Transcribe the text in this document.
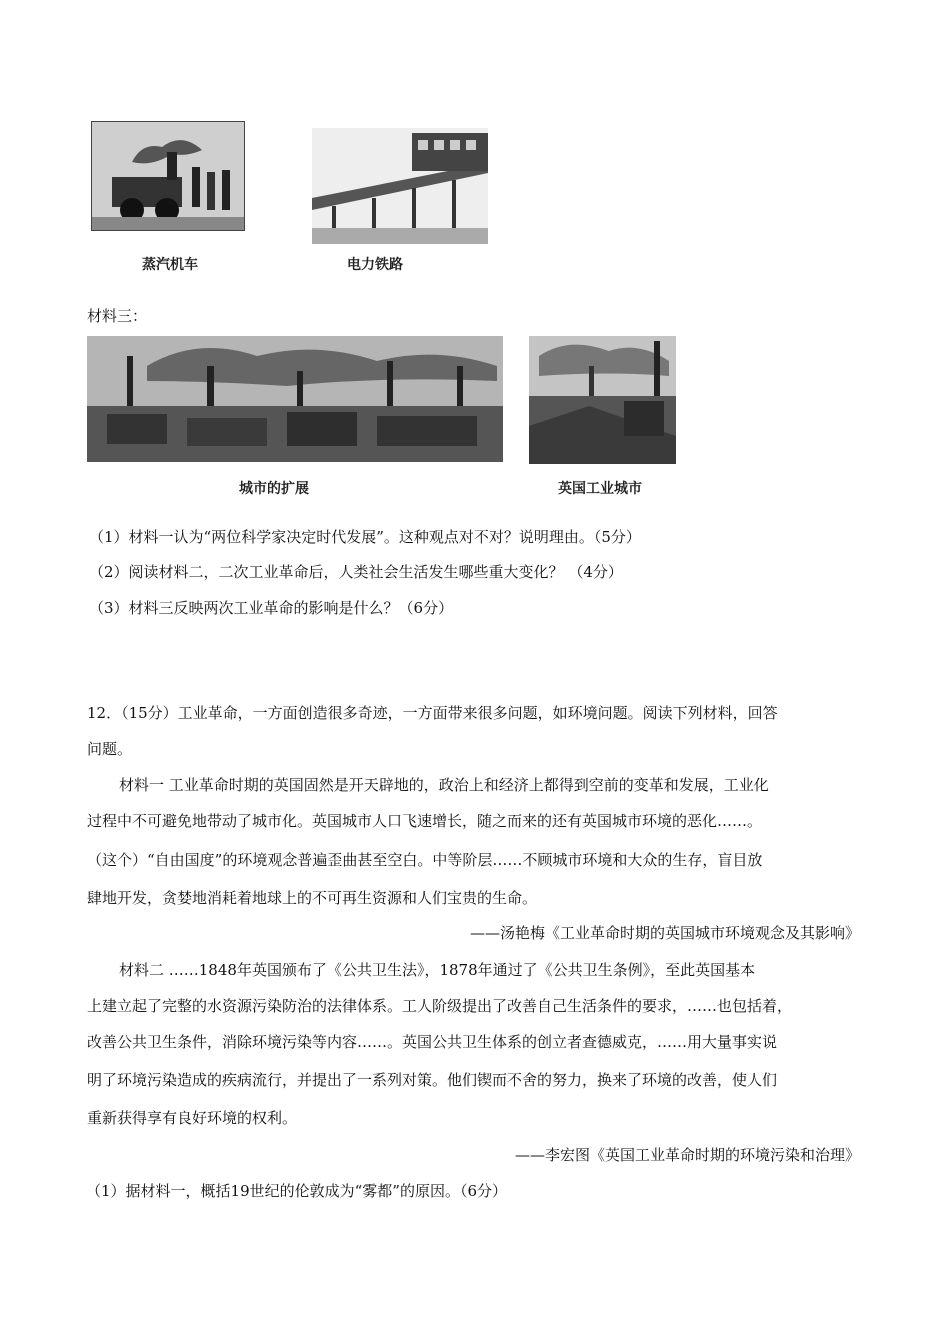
蒸汽机车	电力铁路
材料三：
城市的扩展	英国工业城市
（1）材料一认为“两位科学家决定时代发展”。这种观点对不对？说明理由。（5分）
（2）阅读材料二，二次工业革命后，人类社会生活发生哪些重大变化？ （4分）
（3）材料三反映两次工业革命的影响是什么？（6分）
12．（15分）工业革命，一方面创造很多奇迹，一方面带来很多问题，如环境问题。阅读下列材料，回答
问题。
材料一 工业革命时期的英国固然是开天辟地的，政治上和经济上都得到空前的变革和发展，工业化
过程中不可避免地带动了城市化。英国城市人口飞速增长，随之而来的还有英国城市环境的恶化……。
（这个）“自由国度”的环境观念普遍歪曲甚至空白。中等阶层……不顾城市环境和大众的生存，盲目放
肆地开发，贪婪地消耗着地球上的不可再生资源和人们宝贵的生命。
——汤艳梅《工业革命时期的英国城市环境观念及其影响》
材料二 ……1848年英国颁布了《公共卫生法》，1878年通过了《公共卫生条例》，至此英国基本
上建立起了完整的水资源污染防治的法律体系。工人阶级提出了改善自己生活条件的要求，……也包括着，
改善公共卫生条件，消除环境污染等内容……。英国公共卫生体系的创立者查德威克，……用大量事实说
明了环境污染造成的疾病流行，并提出了一系列对策。他们锲而不舍的努力，换来了环境的改善，使人们
重新获得享有良好环境的权利。
——李宏图《英国工业革命时期的环境污染和治理》
（1）据材料一，概括19世纪的伦敦成为“雾都”的原因。（6分）
